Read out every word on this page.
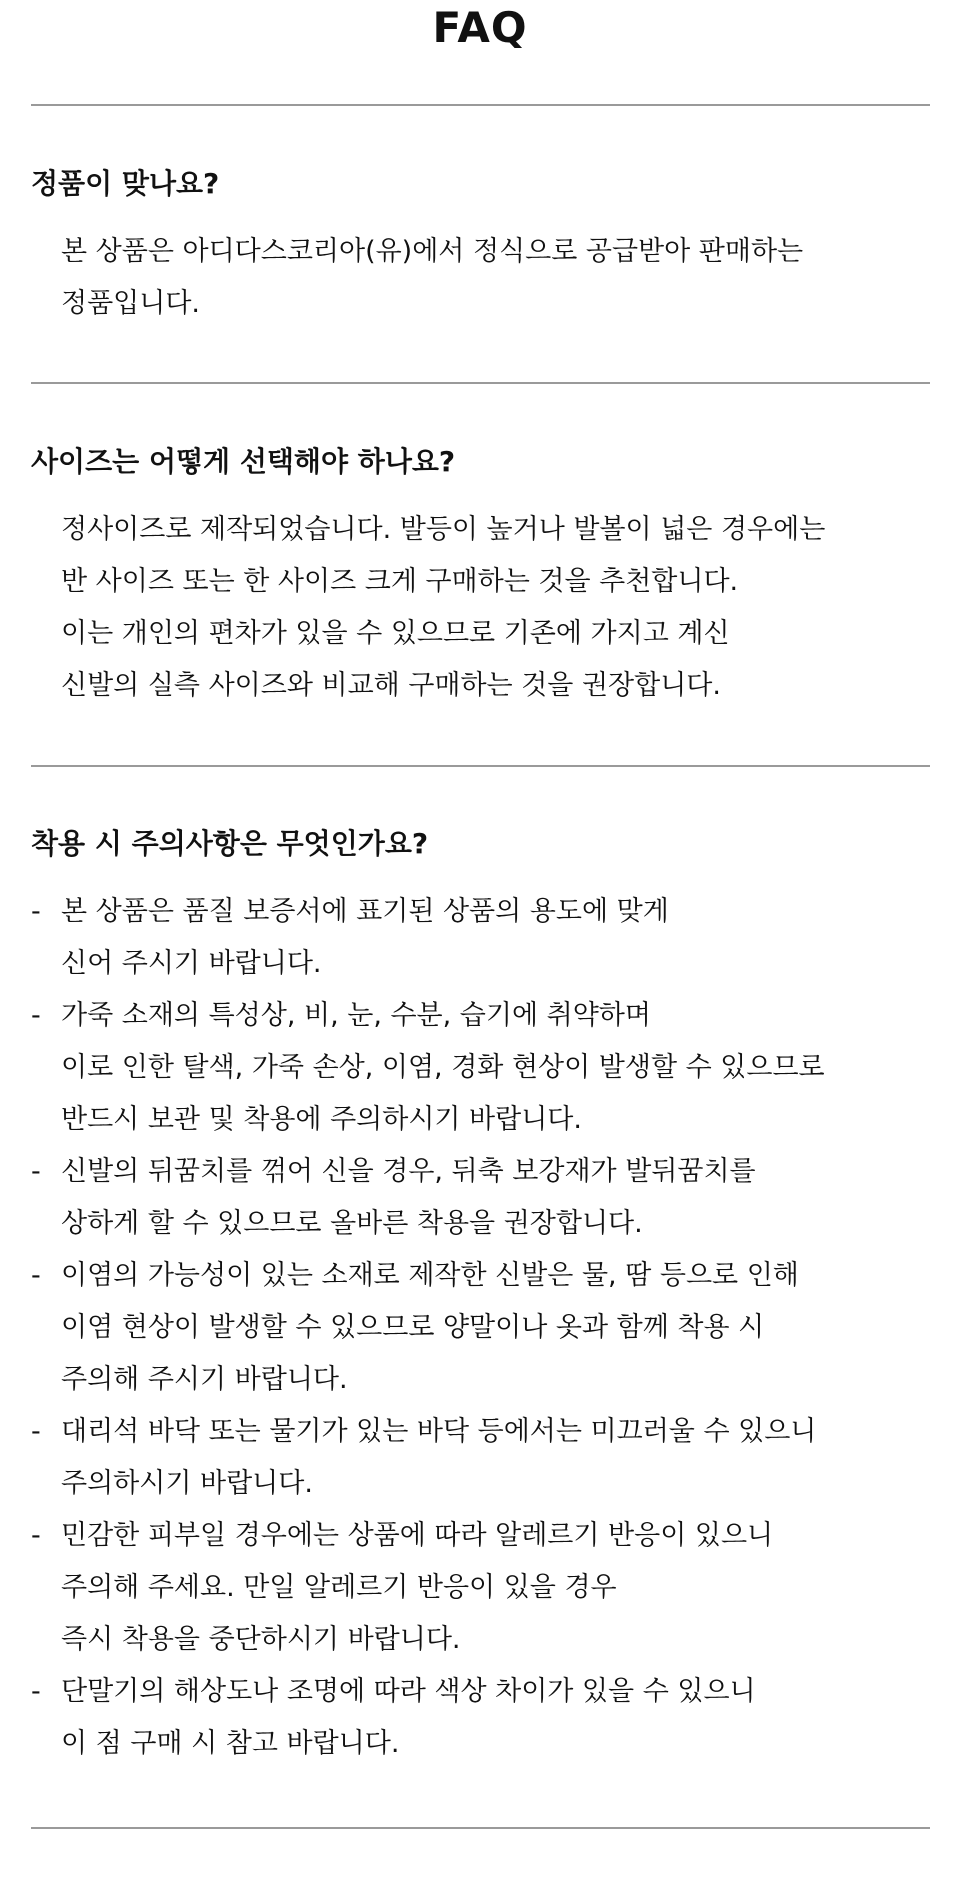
FAQ
정품이 맞나요?
본 상품은 아디다스코리아(유)에서 정식으로 공급받아 판매하는
정품입니다.
사이즈는 어떻게 선택해야 하나요?
정사이즈로 제작되었습니다. 발등이 높거나 발볼이 넓은 경우에는
반 사이즈 또는 한 사이즈 크게 구매하는 것을 추천합니다.
이는 개인의 편차가 있을 수 있으므로 기존에 가지고 계신
신발의 실측 사이즈와 비교해 구매하는 것을 권장합니다.
착용 시 주의사항은 무엇인가요?
- 본 상품은 품질 보증서에 표기된 상품의 용도에 맞게
신어 주시기 바랍니다.
- 가죽 소재의 특성상, 비, 눈, 수분, 습기에 취약하며
이로 인한 탈색, 가죽 손상, 이염, 경화 현상이 발생할 수 있으므로
반드시 보관 및 착용에 주의하시기 바랍니다.
- 신발의 뒤꿈치를 꺾어 신을 경우, 뒤축 보강재가 발뒤꿈치를
상하게 할 수 있으므로 올바른 착용을 권장합니다.
- 이염의 가능성이 있는 소재로 제작한 신발은 물, 땀 등으로 인해
이염 현상이 발생할 수 있으므로 양말이나 옷과 함께 착용 시
주의해 주시기 바랍니다.
- 대리석 바닥 또는 물기가 있는 바닥 등에서는 미끄러울 수 있으니
주의하시기 바랍니다.
- 민감한 피부일 경우에는 상품에 따라 알레르기 반응이 있으니
주의해 주세요. 만일 알레르기 반응이 있을 경우
즉시 착용을 중단하시기 바랍니다.
- 단말기의 해상도나 조명에 따라 색상 차이가 있을 수 있으니
이 점 구매 시 참고 바랍니다.
